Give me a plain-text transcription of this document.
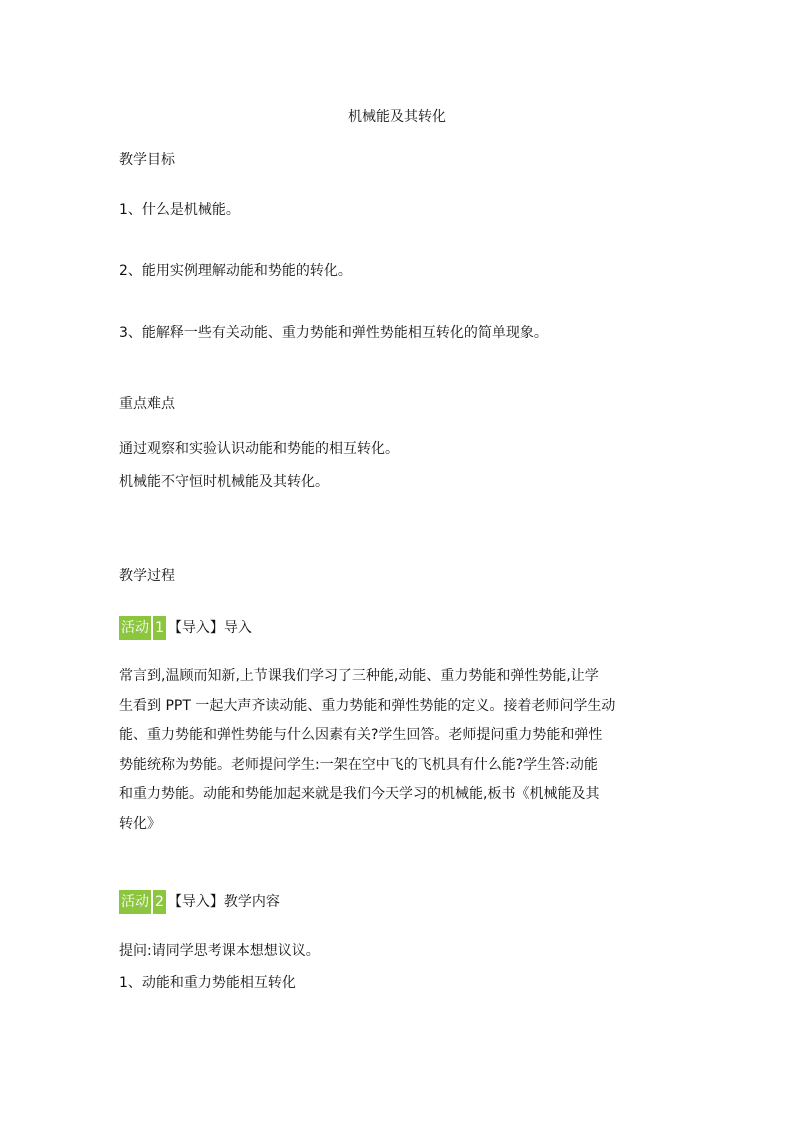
机械能及其转化
教学目标
1、什么是机械能。
2、能用实例理解动能和势能的转化。
3、能解释一些有关动能、重力势能和弹性势能相互转化的简单现象。
重点难点
通过观察和实验认识动能和势能的相互转化。
机械能不守恒时机械能及其转化。
教学过程
活动 1 【导入】导入
常言到,温顾而知新,上节课我们学习了三种能,动能、重力势能和弹性势能,让学
生看到 PPT 一起大声齐读动能、重力势能和弹性势能的定义。接着老师问学生动
能、重力势能和弹性势能与什么因素有关?学生回答。老师提问重力势能和弹性
势能统称为势能。老师提问学生:一架在空中飞的飞机具有什么能?学生答:动能
和重力势能。动能和势能加起来就是我们今天学习的机械能,板书《机械能及其
转化》
活动 2 【导入】教学内容
提问:请同学思考课本想想议议。
1、动能和重力势能相互转化
